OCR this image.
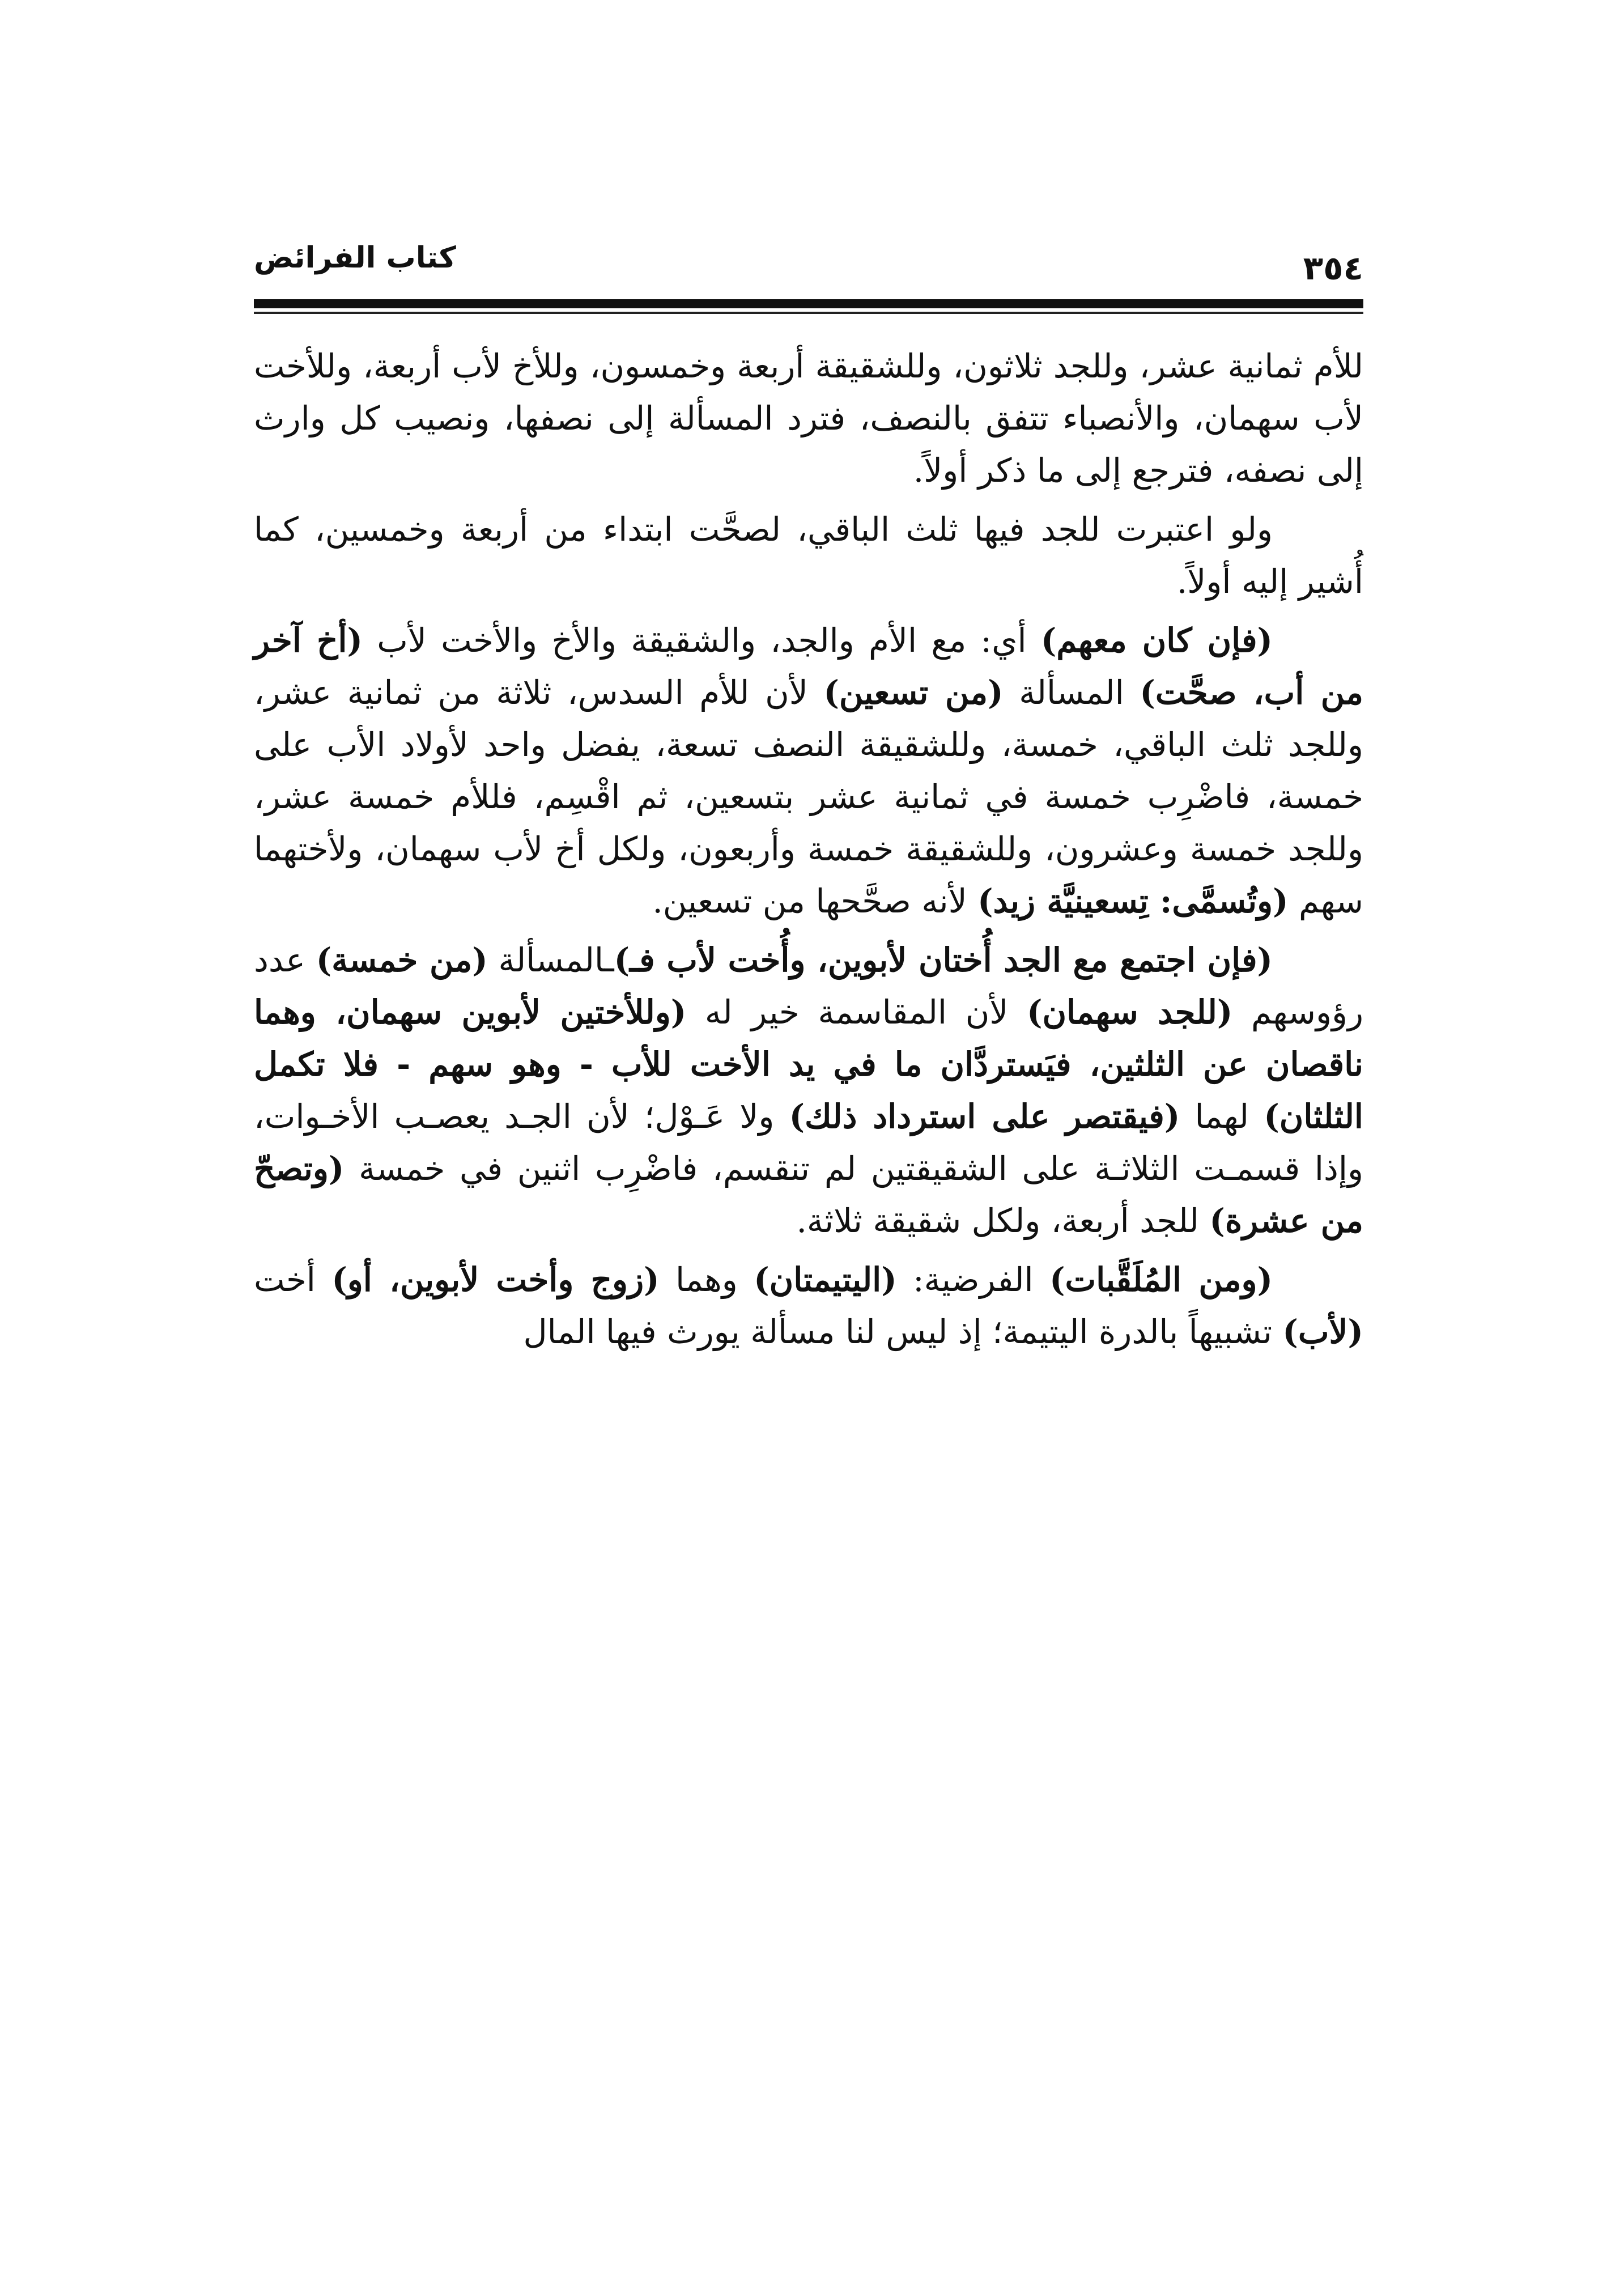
كتاب الفرائض	٣٥٤

للأم ثمانية عشر، وللجد ثلاثون، وللشقيقة أربعة وخمسون، وللأخ لأب أربعة، وللأخت لأب سهمان، والأنصباء تتفق بالنصف، فترد المسألة إلى نصفها، ونصيب كل وارث إلى نصفه، فترجع إلى ما ذكر أولاً.

ولو اعتبرت للجد فيها ثلث الباقي، لصحَّت ابتداء من أربعة وخمسين، كما أُشير إليه أولاً.

(فإن كان معهم) أي: مع الأم والجد، والشقيقة والأخ والأخت لأب (أخ آخر من أب، صحَّت) المسألة (من تسعين) لأن للأم السدس، ثلاثة من ثمانية عشر، وللجد ثلث الباقي، خمسة، وللشقيقة النصف تسعة، يفضل واحد لأولاد الأب على خمسة، فاضْرِب خمسة في ثمانية عشر بتسعين، ثم اقْسِم، فللأم خمسة عشر، وللجد خمسة وعشرون، وللشقيقة خمسة وأربعون، ولكل أخ لأب سهمان، ولأختهما سهم (وتُسمَّى: تِسعينيَّة زيد) لأنه صحَّحها من تسعين.

(فإن اجتمع مع الجد أُختان لأبوين، وأُخت لأب فـ)ـالمسألة (من خمسة) عدد رؤوسهم (للجد سهمان) لأن المقاسمة خير له (وللأختين لأبوين سهمان، وهما ناقصان عن الثلثين، فيَستردَّان ما في يد الأخت للأب - وهو سهم - فلا تكمل الثلثان) لهما (فيقتصر على استرداد ذلك) ولا عَـوْل؛ لأن الجـد يعصـب الأخـوات، وإذا قسمـت الثلاثـة على الشقيقتين لم تنقسم، فاضْرِب اثنين في خمسة (وتصحّ من عشرة) للجد أربعة، ولكل شقيقة ثلاثة.

(ومن المُلَقَّبات) الفرضية: (اليتيمتان) وهما (زوج وأخت لأبوين، أو) أخت (لأب) تشبيهاً بالدرة اليتيمة؛ إذ ليس لنا مسألة يورث فيها المال
